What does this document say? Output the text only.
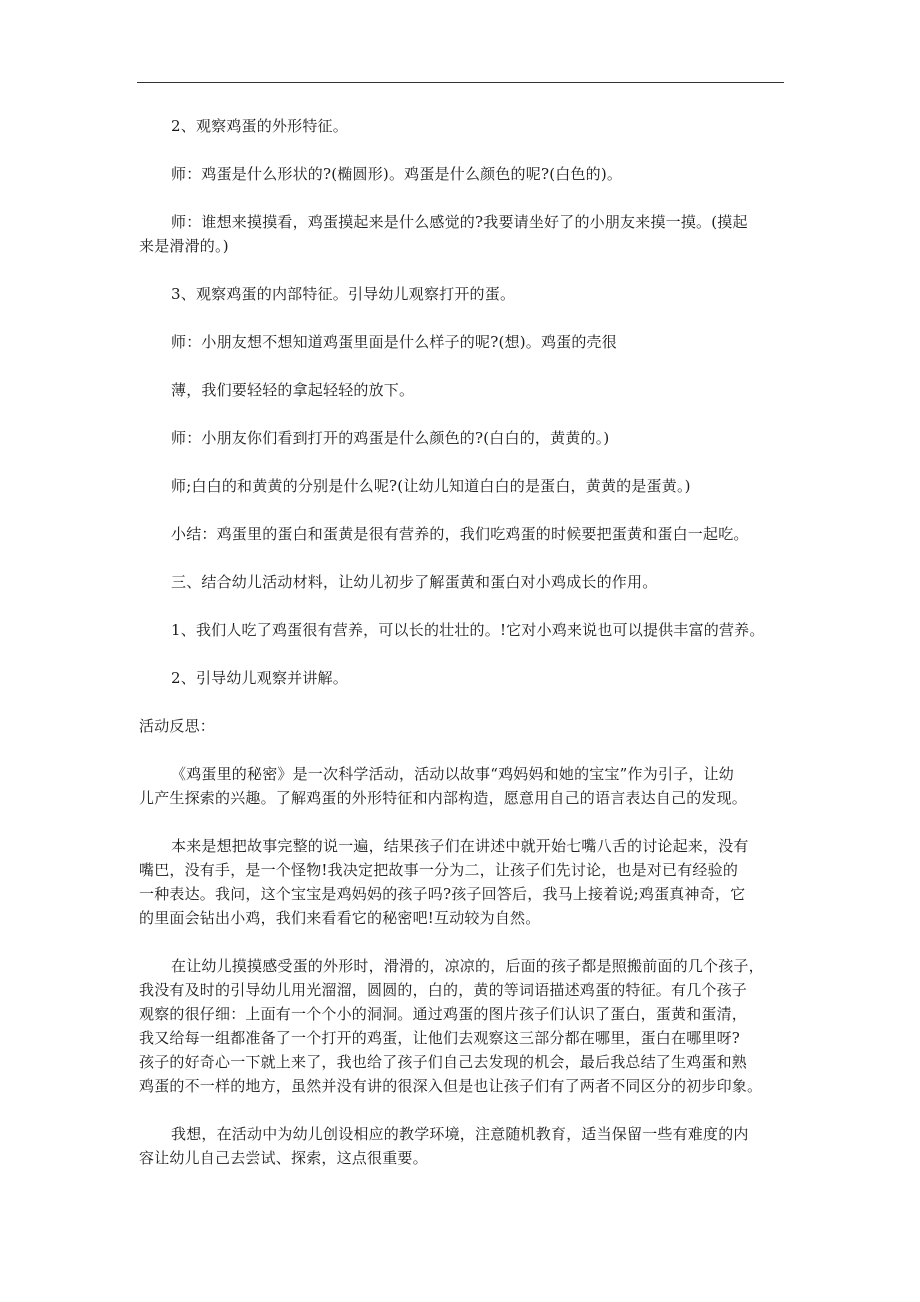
2、观察鸡蛋的外形特征。
师：鸡蛋是什么形状的?(椭圆形)。鸡蛋是什么颜色的呢?(白色的)。
师：谁想来摸摸看，鸡蛋摸起来是什么感觉的?我要请坐好了的小朋友来摸一摸。(摸起
来是滑滑的。)
3、观察鸡蛋的内部特征。引导幼儿观察打开的蛋。
师：小朋友想不想知道鸡蛋里面是什么样子的呢?(想)。鸡蛋的壳很
薄，我们要轻轻的拿起轻轻的放下。
师：小朋友你们看到打开的鸡蛋是什么颜色的?(白白的，黄黄的。)
师;白白的和黄黄的分别是什么呢?(让幼儿知道白白的是蛋白，黄黄的是蛋黄。)
小结：鸡蛋里的蛋白和蛋黄是很有营养的，我们吃鸡蛋的时候要把蛋黄和蛋白一起吃。
三、结合幼儿活动材料，让幼儿初步了解蛋黄和蛋白对小鸡成长的作用。
1、我们人吃了鸡蛋很有营养，可以长的壮壮的。!它对小鸡来说也可以提供丰富的营养。
2、引导幼儿观察并讲解。
活动反思：
《鸡蛋里的秘密》是一次科学活动，活动以故事“鸡妈妈和她的宝宝”作为引子，让幼
儿产生探索的兴趣。了解鸡蛋的外形特征和内部构造，愿意用自己的语言表达自己的发现。
本来是想把故事完整的说一遍，结果孩子们在讲述中就开始七嘴八舌的讨论起来，没有
嘴巴，没有手，是一个怪物!我决定把故事一分为二，让孩子们先讨论，也是对已有经验的
一种表达。我问，这个宝宝是鸡妈妈的孩子吗?孩子回答后，我马上接着说;鸡蛋真神奇，它
的里面会钻出小鸡，我们来看看它的秘密吧!互动较为自然。
在让幼儿摸摸感受蛋的外形时，滑滑的，凉凉的，后面的孩子都是照搬前面的几个孩子，
我没有及时的引导幼儿用光溜溜，圆圆的，白的，黄的等词语描述鸡蛋的特征。有几个孩子
观察的很仔细：上面有一个个小的洞洞。通过鸡蛋的图片孩子们认识了蛋白，蛋黄和蛋清，
我又给每一组都准备了一个打开的鸡蛋，让他们去观察这三部分都在哪里，蛋白在哪里呀?
孩子的好奇心一下就上来了，我也给了孩子们自己去发现的机会，最后我总结了生鸡蛋和熟
鸡蛋的不一样的地方，虽然并没有讲的很深入但是也让孩子们有了两者不同区分的初步印象。
我想，在活动中为幼儿创设相应的教学环境，注意随机教育，适当保留一些有难度的内
容让幼儿自己去尝试、探索，这点很重要。
